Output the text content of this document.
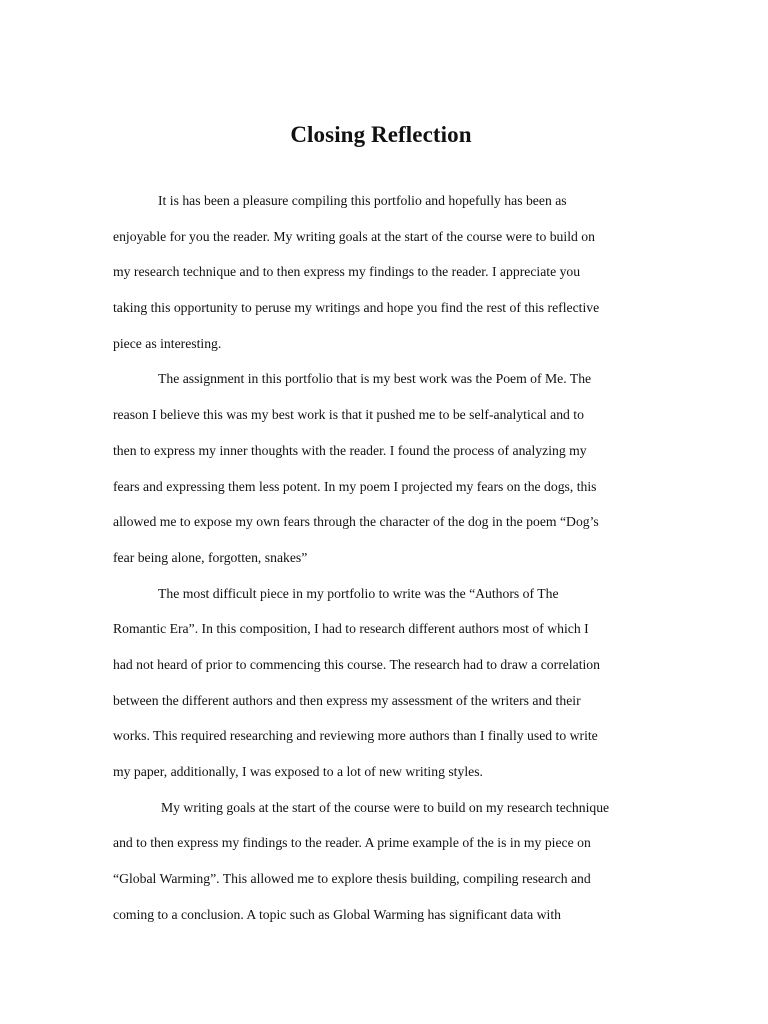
Closing Reflection
It is has been a pleasure compiling this portfolio and hopefully has been as
enjoyable for you the reader. My writing goals at the start of the course were to build on
my research technique and to then express my findings to the reader. I appreciate you
taking this opportunity to peruse my writings and hope you find the rest of this reflective
piece as interesting.
The assignment in this portfolio that is my best work was the Poem of Me. The
reason I believe this was my best work is that it pushed me to be self-analytical and to
then to express my inner thoughts with the reader. I found the process of analyzing my
fears and expressing them less potent. In my poem I projected my fears on the dogs, this
allowed me to expose my own fears through the character of the dog in the poem “Dog’s
fear being alone, forgotten, snakes”
The most difficult piece in my portfolio to write was the “Authors of The
Romantic Era”. In this composition, I had to research different authors most of which I
had not heard of prior to commencing this course. The research had to draw a correlation
between the different authors and then express my assessment of the writers and their
works. This required researching and reviewing more authors than I finally used to write
my paper, additionally, I was exposed to a lot of new writing styles.
My writing goals at the start of the course were to build on my research technique
and to then express my findings to the reader. A prime example of the is in my piece on
“Global Warming”. This allowed me to explore thesis building, compiling research and
coming to a conclusion. A topic such as Global Warming has significant data with
